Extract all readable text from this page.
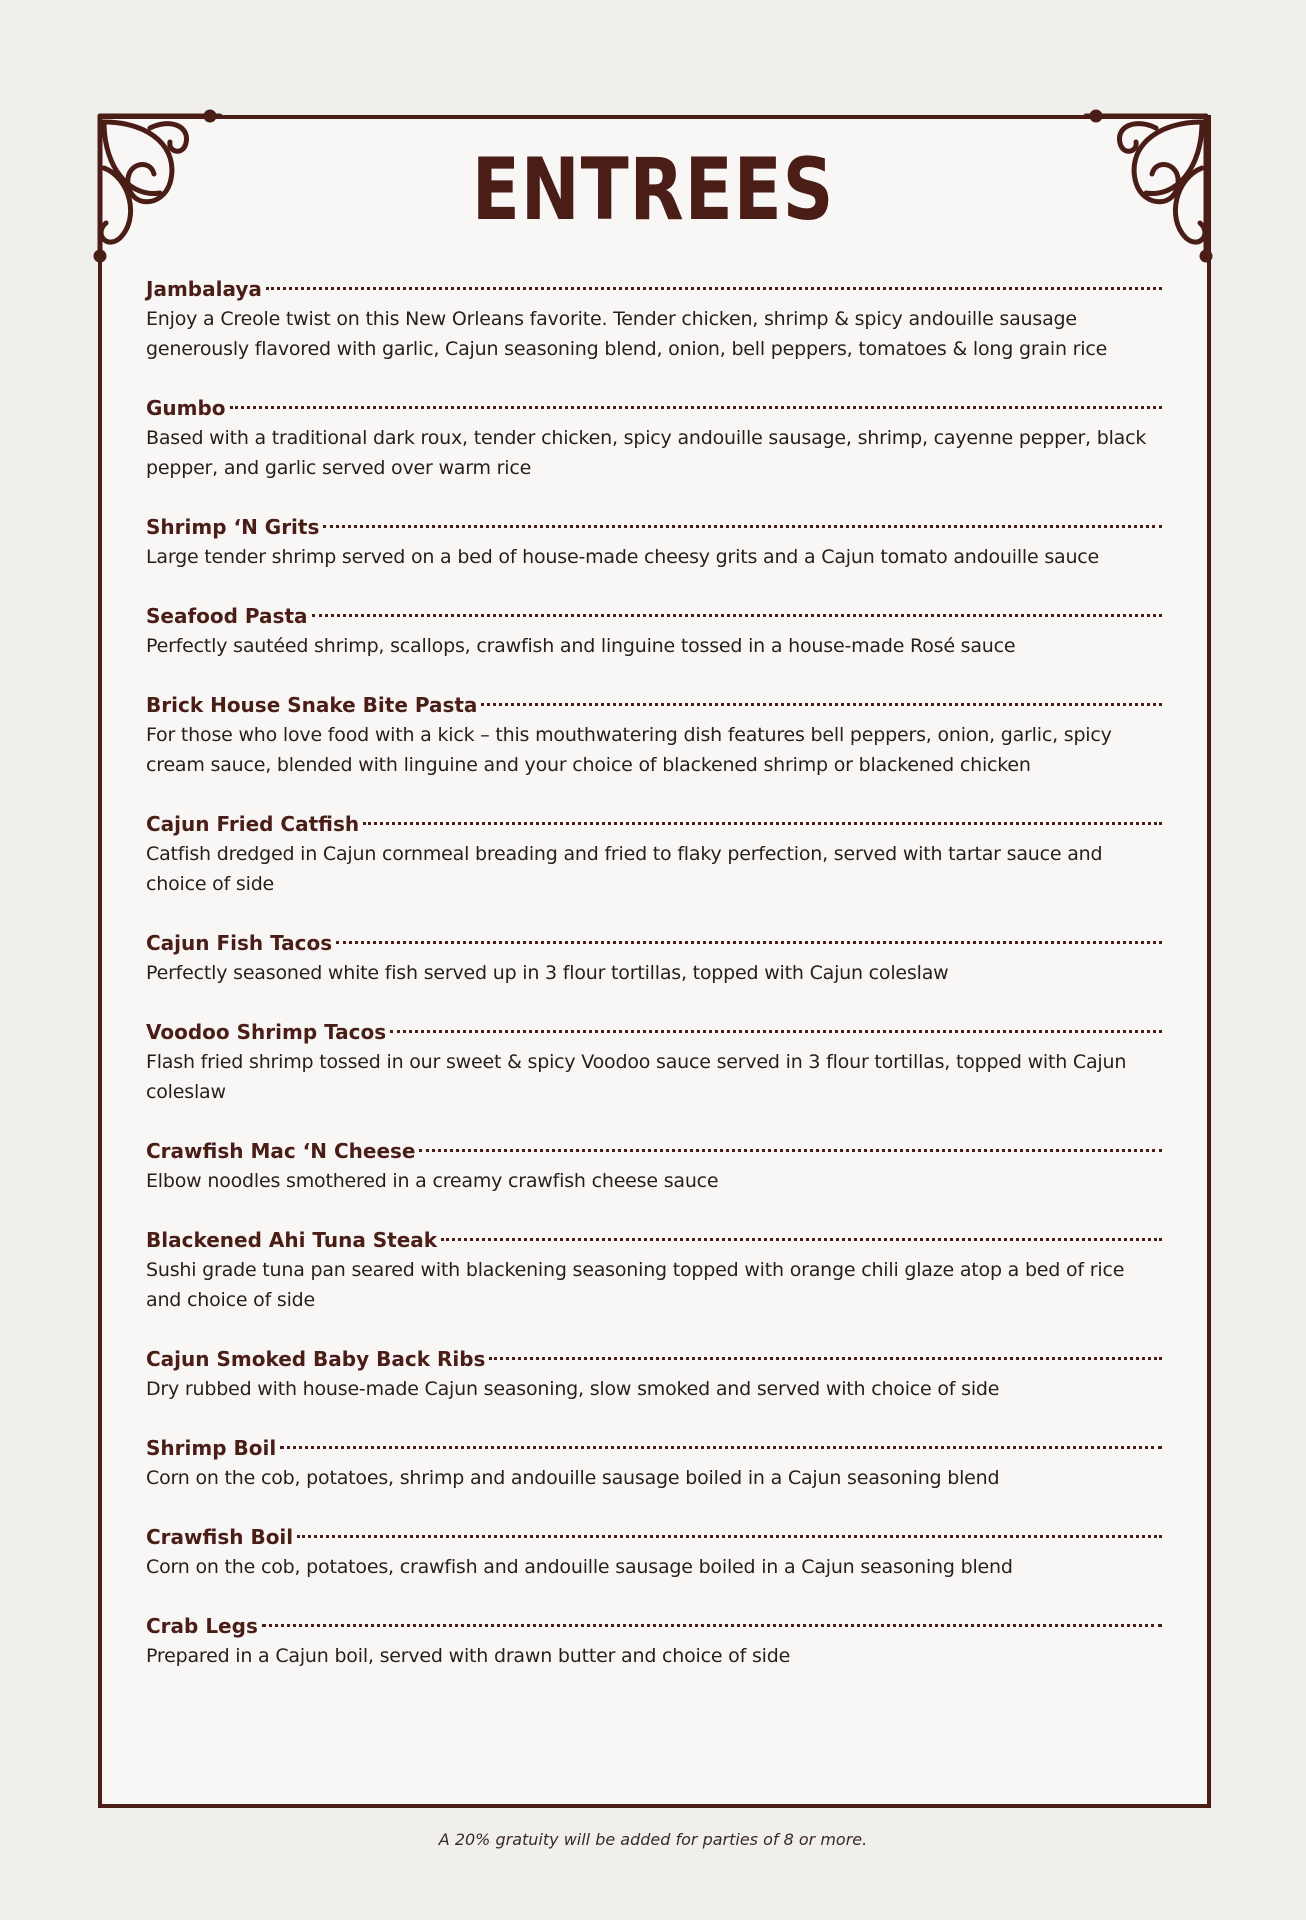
ENTREES
Jambalaya
Enjoy a Creole twist on this New Orleans favorite. Tender chicken, shrimp & spicy andouille sausage generously flavored with garlic, Cajun seasoning blend, onion, bell peppers, tomatoes & long grain rice
Gumbo
Based with a traditional dark roux, tender chicken, spicy andouille sausage, shrimp, cayenne pepper, black pepper, and garlic served over warm rice
Shrimp ‘N Grits
Large tender shrimp served on a bed of house-made cheesy grits and a Cajun tomato andouille sauce
Seafood Pasta
Perfectly sautéed shrimp, scallops, crawfish and linguine tossed in a house-made Rosé sauce
Brick House Snake Bite Pasta
For those who love food with a kick – this mouthwatering dish features bell peppers, onion, garlic, spicy cream sauce, blended with linguine and your choice of blackened shrimp or blackened chicken
Cajun Fried Catfish
Catfish dredged in Cajun cornmeal breading and fried to flaky perfection, served with tartar sauce and choice of side
Cajun Fish Tacos
Perfectly seasoned white fish served up in 3 flour tortillas, topped with Cajun coleslaw
Voodoo Shrimp Tacos
Flash fried shrimp tossed in our sweet & spicy Voodoo sauce served in 3 flour tortillas, topped with Cajun coleslaw
Crawfish Mac ‘N Cheese
Elbow noodles smothered in a creamy crawfish cheese sauce
Blackened Ahi Tuna Steak
Sushi grade tuna pan seared with blackening seasoning topped with orange chili glaze atop a bed of rice and choice of side
Cajun Smoked Baby Back Ribs
Dry rubbed with house-made Cajun seasoning, slow smoked and served with choice of side
Shrimp Boil
Corn on the cob, potatoes, shrimp and andouille sausage boiled in a Cajun seasoning blend
Crawfish Boil
Corn on the cob, potatoes, crawfish and andouille sausage boiled in a Cajun seasoning blend
Crab Legs
Prepared in a Cajun boil, served with drawn butter and choice of side
A 20% gratuity will be added for parties of 8 or more.
